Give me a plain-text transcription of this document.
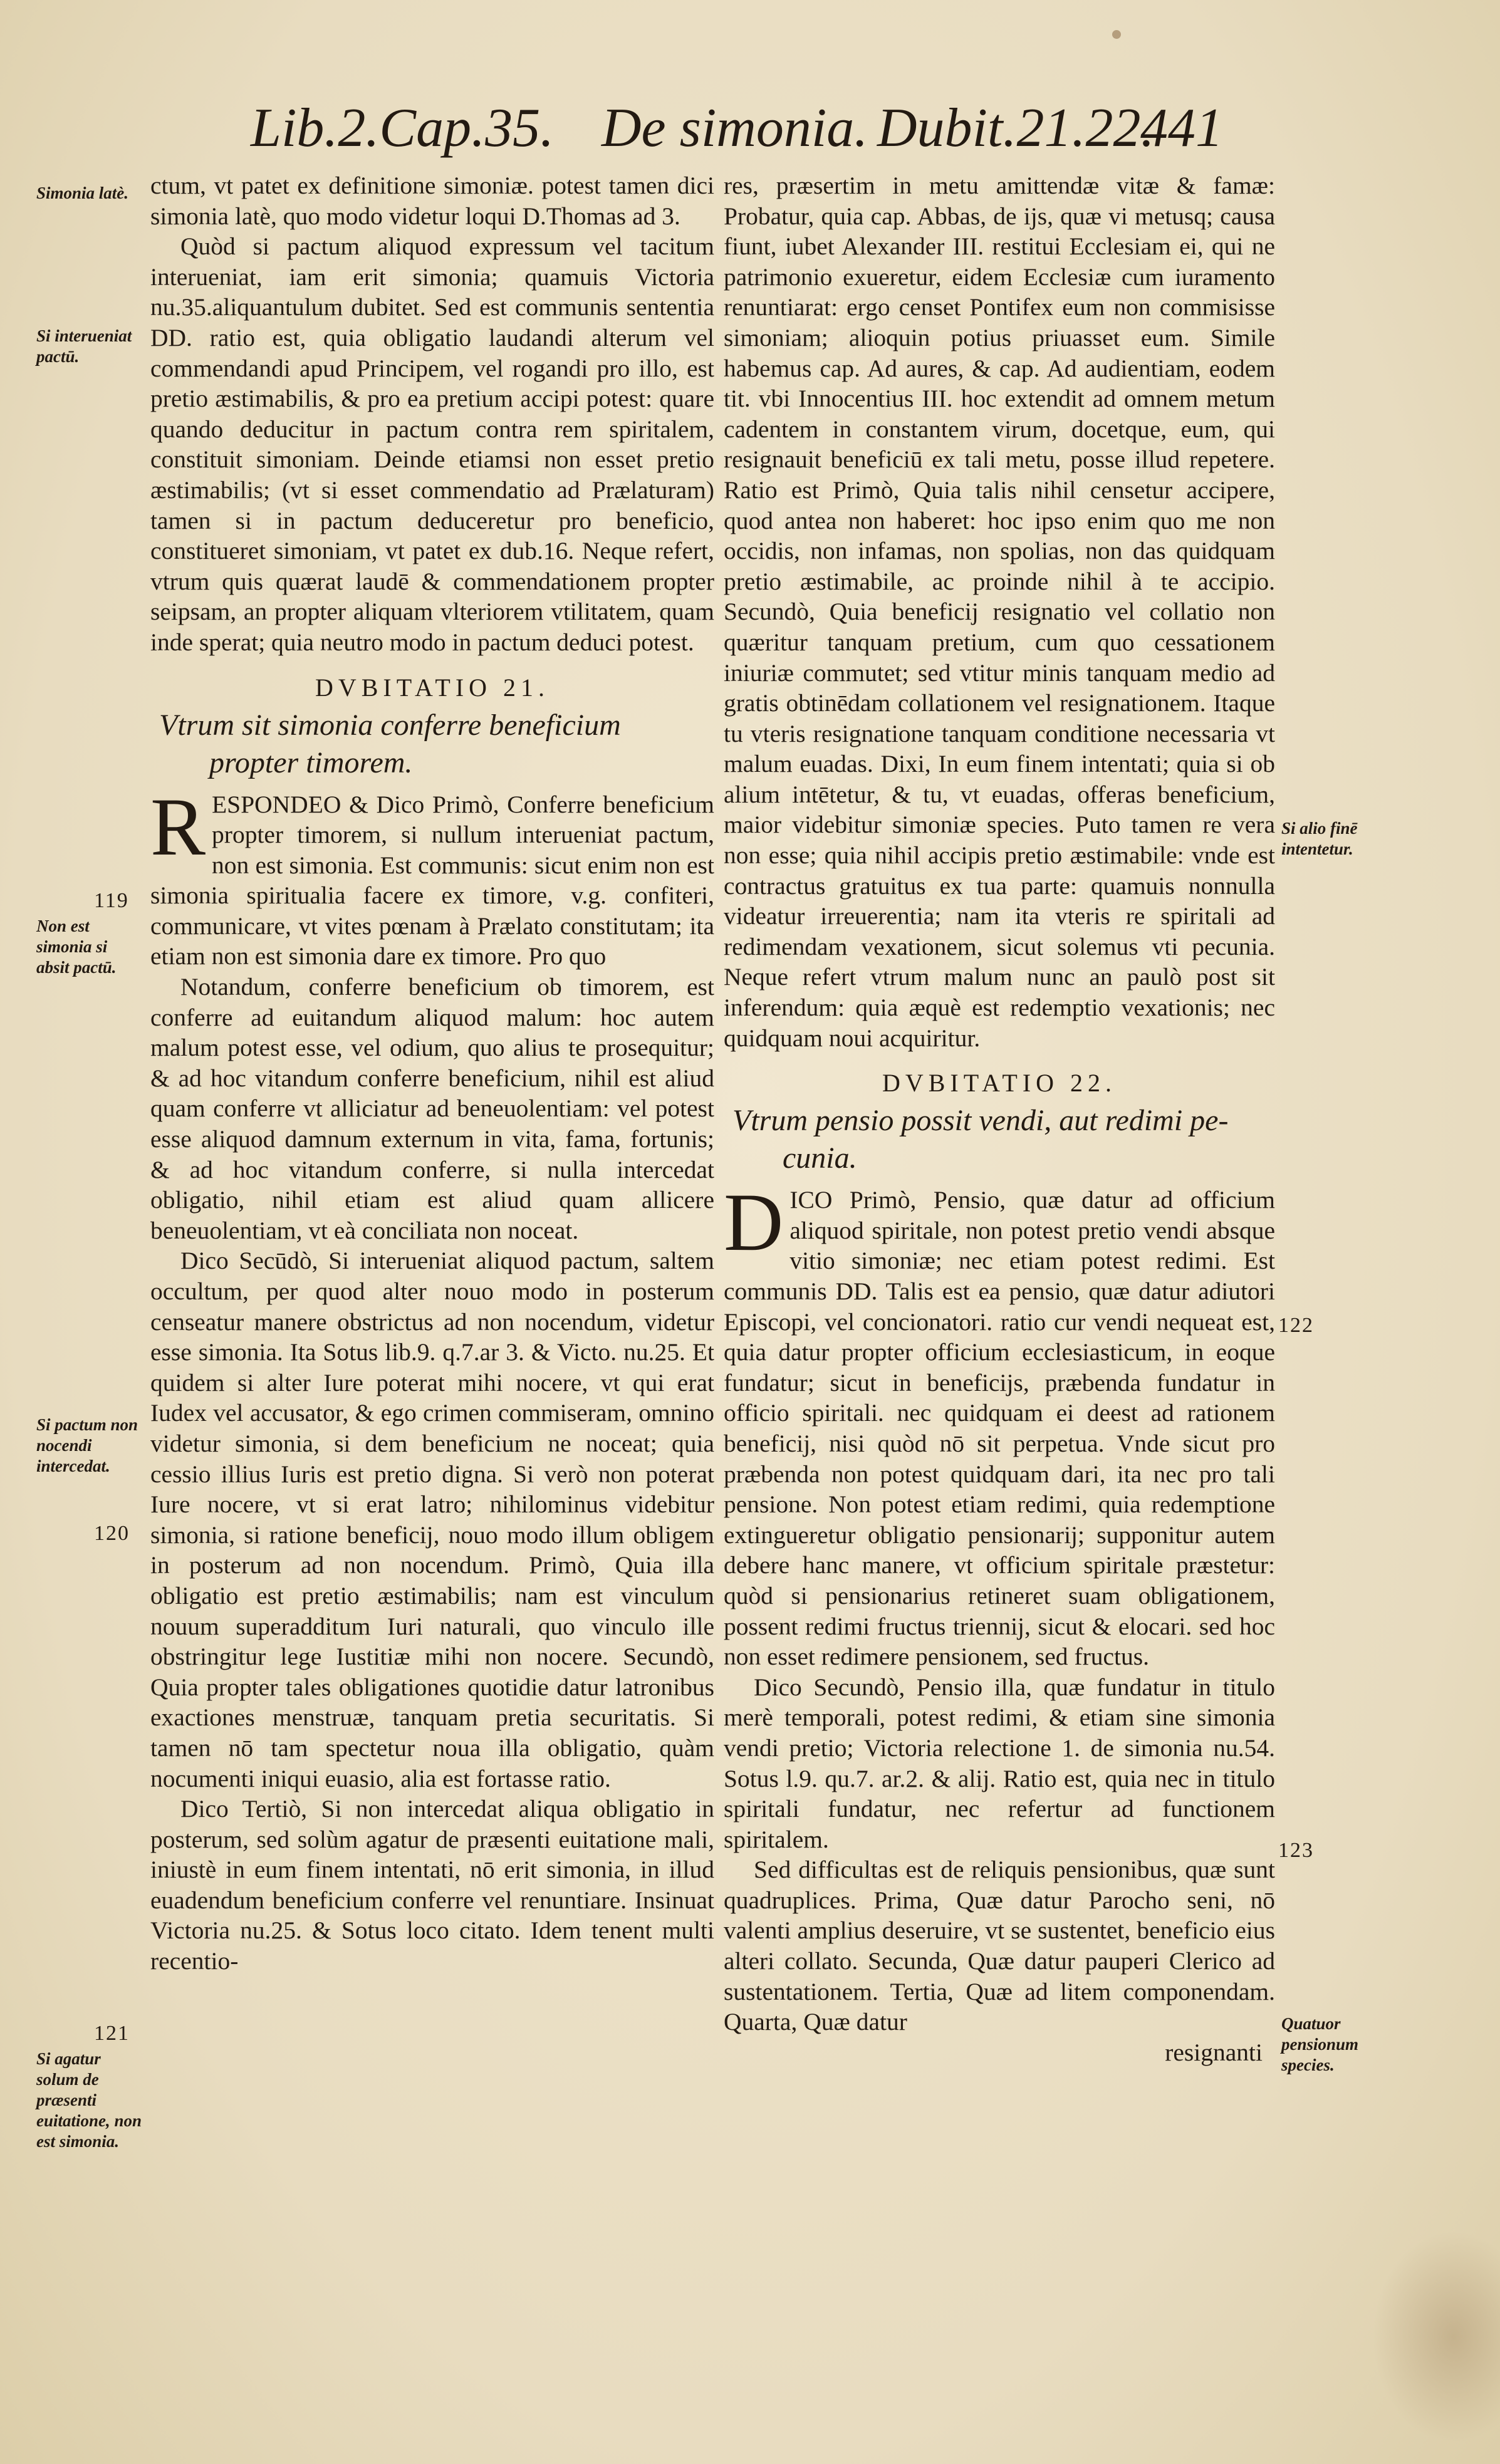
Lib.2.Cap.35. De simonia. Dubit.21.22.
441

ctum, vt patet ex definitione simoniæ. potest tamen dici simonia latè, quo modo videtur loqui D.Thomas ad 3.

Quòd si pactum aliquod expressum vel tacitum interueniat, iam erit simonia; quamuis Victoria nu.35.aliquantulum dubitet. Sed est communis sententia DD. ratio est, quia obligatio laudandi alterum vel commendandi apud Principem, vel rogandi pro illo, est pretio æstimabilis, & pro ea pretium accipi potest: quare quando deducitur in pactum contra rem spiritalem, constituit simoniam. Deinde etiamsi non esset pretio æstimabilis; (vt si esset commendatio ad Prælaturam) tamen si in pactum deduceretur pro beneficio, constitueret simoniam, vt patet ex dub.16. Neque refert, vtrum quis quærat laudē & commendationem propter seipsam, an propter aliquam vlteriorem vtilitatem, quam inde sperat; quia neutro modo in pactum deduci potest.

DVBITATIO 21.
Vtrum sit simonia conferre beneficium
propter timorem.

RESPONDEO & Dico Primò, Conferre beneficium propter timorem, si nullum interueniat pactum, non est simonia. Est communis: sicut enim non est simonia spiritualia facere ex timore, v.g. confiteri, communicare, vt vites pœnam à Prælato constitutam; ita etiam non est simonia dare ex timore. Pro quo

Notandum, conferre beneficium ob timorem, est conferre ad euitandum aliquod malum: hoc autem malum potest esse, vel odium, quo alius te prosequitur; & ad hoc vitandum conferre beneficium, nihil est aliud quam conferre vt alliciatur ad beneuolentiam: vel potest esse aliquod damnum externum in vita, fama, fortunis; & ad hoc vitandum conferre, si nulla intercedat obligatio, nihil etiam est aliud quam allicere beneuolentiam, vt eà conciliata non noceat.

Dico Secūdò, Si interueniat aliquod pactum, saltem occultum, per quod alter nouo modo in posterum censeatur manere obstrictus ad non nocendum, videtur esse simonia. Ita Sotus lib.9. q.7.ar 3. & Victo. nu.25. Et quidem si alter Iure poterat mihi nocere, vt qui erat Iudex vel accusator, & ego crimen commiseram, omnino videtur simonia, si dem beneficium ne noceat; quia cessio illius Iuris est pretio digna. Si verò non poterat Iure nocere, vt si erat latro; nihilominus videbitur simonia, si ratione beneficij, nouo modo illum obligem in posterum ad non nocendum. Primò, Quia illa obligatio est pretio æstimabilis; nam est vinculum nouum superadditum Iuri naturali, quo vinculo ille obstringitur lege Iustitiæ mihi non nocere. Secundò, Quia propter tales obligationes quotidie datur latronibus exactiones menstruæ, tanquam pretia securitatis. Si tamen nō tam spectetur noua illa obligatio, quàm nocumenti iniqui euasio, alia est fortasse ratio.

Dico Tertiò, Si non intercedat aliqua obligatio in posterum, sed solùm agatur de præsenti euitatione mali, iniustè in eum finem intentati, nō erit simonia, in illud euadendum beneficium conferre vel renuntiare. Insinuat Victoria nu.25. & Sotus loco citato. Idem tenent multi recentio-

res, præsertim in metu amittendæ vitæ & famæ: Probatur, quia cap. Abbas, de ijs, quæ vi metusq; causa fiunt, iubet Alexander III. restitui Ecclesiam ei, qui ne patrimonio exueretur, eidem Ecclesiæ cum iuramento renuntiarat: ergo censet Pontifex eum non commisisse simoniam; alioquin potius priuasset eum. Simile habemus cap. Ad aures, & cap. Ad audientiam, eodem tit. vbi Innocentius III. hoc extendit ad omnem metum cadentem in constantem virum, docetque, eum, qui resignauit beneficiū ex tali metu, posse illud repetere. Ratio est Primò, Quia talis nihil censetur accipere, quod antea non haberet: hoc ipso enim quo me non occidis, non infamas, non spolias, non das quidquam pretio æstimabile, ac proinde nihil à te accipio. Secundò, Quia beneficij resignatio vel collatio non quæritur tanquam pretium, cum quo cessationem iniuriæ commutet; sed vtitur minis tanquam medio ad gratis obtinēdam collationem vel resignationem. Itaque tu vteris resignatione tanquam conditione necessaria vt malum euadas. Dixi, In eum finem intentati; quia si ob alium intētetur, & tu, vt euadas, offeras beneficium, maior videbitur simoniæ species. Puto tamen re vera non esse; quia nihil accipis pretio æstimabile: vnde est contractus gratuitus ex tua parte: quamuis nonnulla videatur irreuerentia; nam ita vteris re spiritali ad redimendam vexationem, sicut solemus vti pecunia. Neque refert vtrum malum nunc an paulò post sit inferendum: quia æquè est redemptio vexationis; nec quidquam noui acquiritur.

DVBITATIO 22.
Vtrum pensio possit vendi, aut redimi pe-
cunia.

DICO Primò, Pensio, quæ datur ad officium aliquod spiritale, non potest pretio vendi absque vitio simoniæ; nec etiam potest redimi. Est communis DD. Talis est ea pensio, quæ datur adiutori Episcopi, vel concionatori. ratio cur vendi nequeat est, quia datur propter officium ecclesiasticum, in eoque fundatur; sicut in beneficijs, præbenda fundatur in officio spiritali. nec quidquam ei deest ad rationem beneficij, nisi quòd nō sit perpetua. Vnde sicut pro præbenda non potest quidquam dari, ita nec pro tali pensione. Non potest etiam redimi, quia redemptione extingueretur obligatio pensionarij; supponitur autem debere hanc manere, vt officium spiritale præstetur: quòd si pensionarius retineret suam obligationem, possent redimi fructus triennij, sicut & elocari. sed hoc non esset redimere pensionem, sed fructus.

Dico Secundò, Pensio illa, quæ fundatur in titulo merè temporali, potest redimi, & etiam sine simonia vendi pretio; Victoria relectione 1. de simonia nu.54. Sotus l.9. qu.7. ar.2. & alij. Ratio est, quia nec in titulo spiritali fundatur, nec refertur ad functionem spiritalem.

Sed difficultas est de reliquis pensionibus, quæ sunt quadruplices. Prima, Quæ datur Parocho seni, nō valenti amplius deseruire, vt se sustentet, beneficio eius alteri collato. Secunda, Quæ datur pauperi Clerico ad sustentationem. Tertia, Quæ ad litem componendam. Quarta, Quæ datur

resignanti

Simonia latè.
Si interueniat pactū.
Non est simonia si absit pactū.
Si pactum non nocendi intercedat.
Si agatur solum de præsenti euitatione, non est simonia.
Si alio finē intentetur.
Quatuor pensionum species.
119
120
121
122
123
